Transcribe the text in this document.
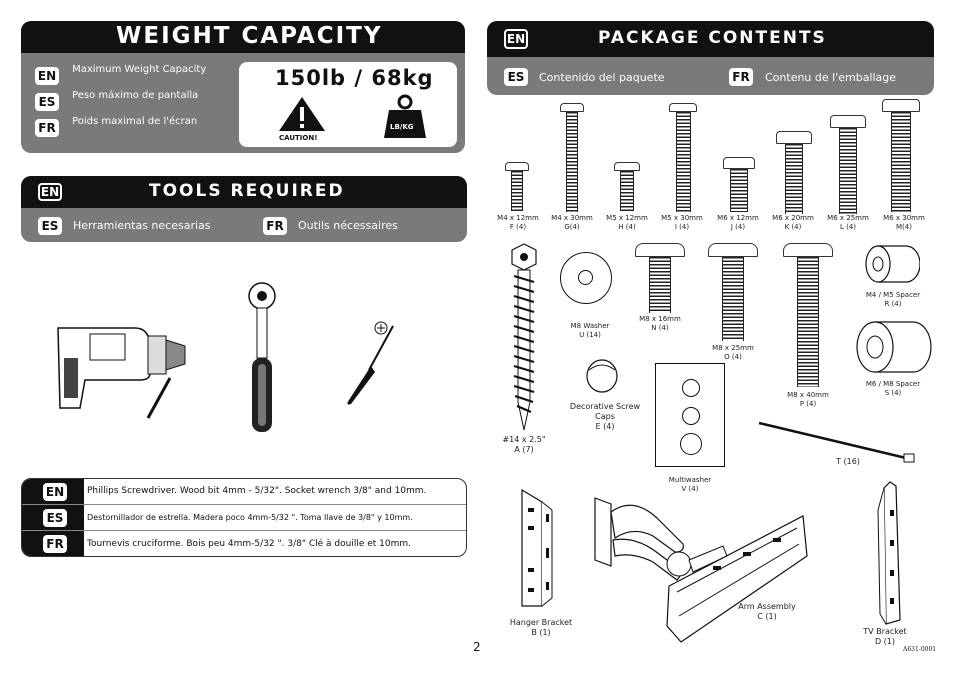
WEIGHT CAPACITY
EN $^{Maximum Weight Capacity}$
ES $^{Peso máximo de pantalla}$
FR $^{Poids maximal de l'écran}$
150lb / 68kg
CAUTION!
LB/KG
EN	TOOLS REQUIRED
ES	Herramientas necesarias	FR Outils nécessaires
EN	Phillips Screwdriver. Wood bit 4mm - 5/32". Socket wrench 3/8" and 10mm.
ES	Destornillador de estrella. Madera poco 4mm-5/32 ". Toma llave de 3/8" y 10mm.
FR	Tournevis cruciforme. Bois peu 4mm-5/32 ". 3/8" Clé à douille et 10mm.
EN	PACKAGE CONTENTS
ES	Contenido del paquete	FR Contenu de l'emballage
M4 x 12mm
F (4)
M4 x 30mm
G(4)
M5 x 12mm
H (4)
M5 x 30mm
I (4)
M6 x 12mm
J (4)
M6 x 20mm
K (4)
M6 x 25mm
L (4)
M6 x 30mm
M(4)
#14 x 2.5"
A (7)
M8 Washer
U (14)
M8 x 16mm
N (4)
M8 x 25mm
O (4)
M8 x 40mm
P (4)
M4 / M5 Spacer
R (4)
M6 / M8 Spacer
S (4)
Decorative Screw Caps
E (4)
Multiwasher
V (4)
T (16)
Hanger Bracket
B (1)
Arm Assembly
C (1)
TV Bracket
D (1)
2	A631-0001
